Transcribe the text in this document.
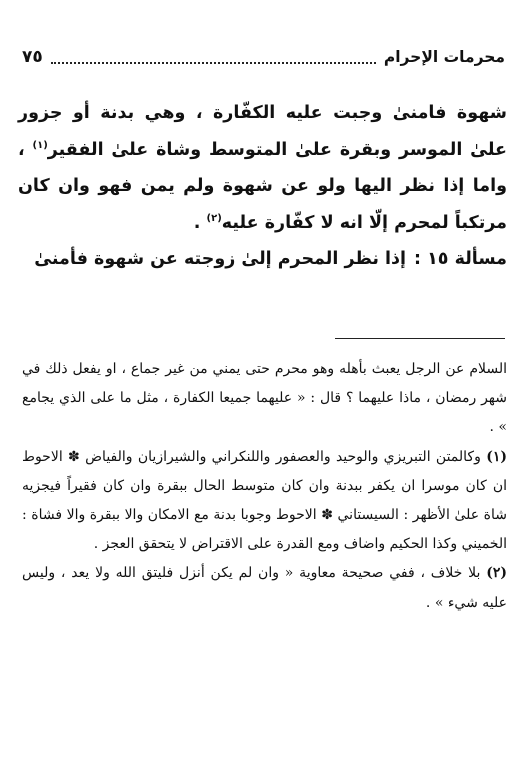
محرمات الإحرام
٧٥

شهوة فامنىٰ وجبت عليه الكفّارة ، وهي بدنة أو جزور علىٰ الموسر وبقرة علىٰ المتوسط وشاة علىٰ الفقير$^{(١)}$ ، واما إذا نظر اليها ولو عن شهوة ولم يمن فهو وان كان مرتكباً لمحرم إلّا انه لا كفّارة عليه$^{(٢)}$ .

مسألة ١٥ :إذا نظر المحرم إلىٰ زوجته عن شهوة فأمنىٰ

السلام عن الرجل يعبث بأهله وهو محرم حتى يمني من غير جماع ، او يفعل ذلك في شهر رمضان ، ماذا عليهما ؟ قال : « عليهما جميعا الكفارة ، مثل ما على الذي يجامع » .

(١) وكالمتن التبريزي والوحيد والعصفور واللنكراني والشيرازيان والفياض ✽ الاحوط ان كان موسرا ان يكفر ببدنة وان كان متوسط الحال ببقرة وان كان فقيراً فيجزيه شاة علىٰ الأظهر : السيستاني ✽ الاحوط وجوبا بدنة مع الامكان والا ببقرة والا فشاة : الخميني وكذا الحكيم واضاف ومع القدرة على الاقتراض لا يتحقق العجز .

(٢) بلا خلاف ، ففي صحيحة معاوية « وان لم يكن أنزل فليتق الله ولا يعد ، وليس عليه شيء » .
